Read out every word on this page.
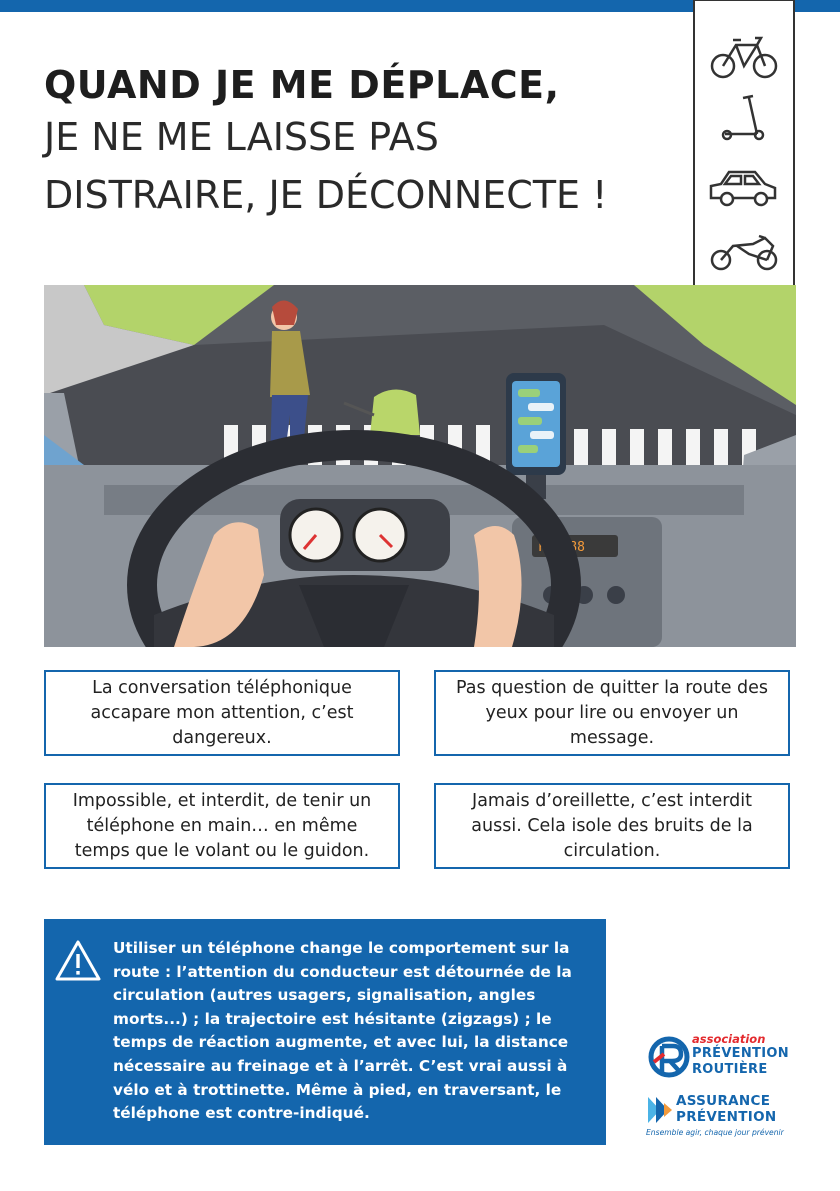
QUAND JE ME DÉPLACE,
JE NE ME LAISSE PAS
DISTRAIRE, JE DÉCONNECTE !
FM: 88
La conversation téléphonique accapare mon attention, c’est dangereux.
Pas question de quitter la route des yeux pour lire ou envoyer un message.
Impossible, et interdit, de tenir un téléphone en main… en même temps que le volant ou le guidon.
Jamais d’oreillette, c’est interdit aussi. Cela isole des bruits de la circulation.
Utiliser un téléphone change le comportement sur la route : l’attention du conducteur est détournée de la circulation (autres usagers, signalisation, angles morts...) ; la trajectoire est hésitante (zigzags) ; le temps de réaction augmente, et avec lui, la distance nécessaire au freinage et à l’arrêt. C’est vrai aussi à vélo et à trottinette. Même à pied, en traversant, le téléphone est contre-indiqué.
association
PRÉVENTION
ROUTIÈRE
ASSURANCE
PRÉVENTION
Ensemble agir, chaque jour prévenir
